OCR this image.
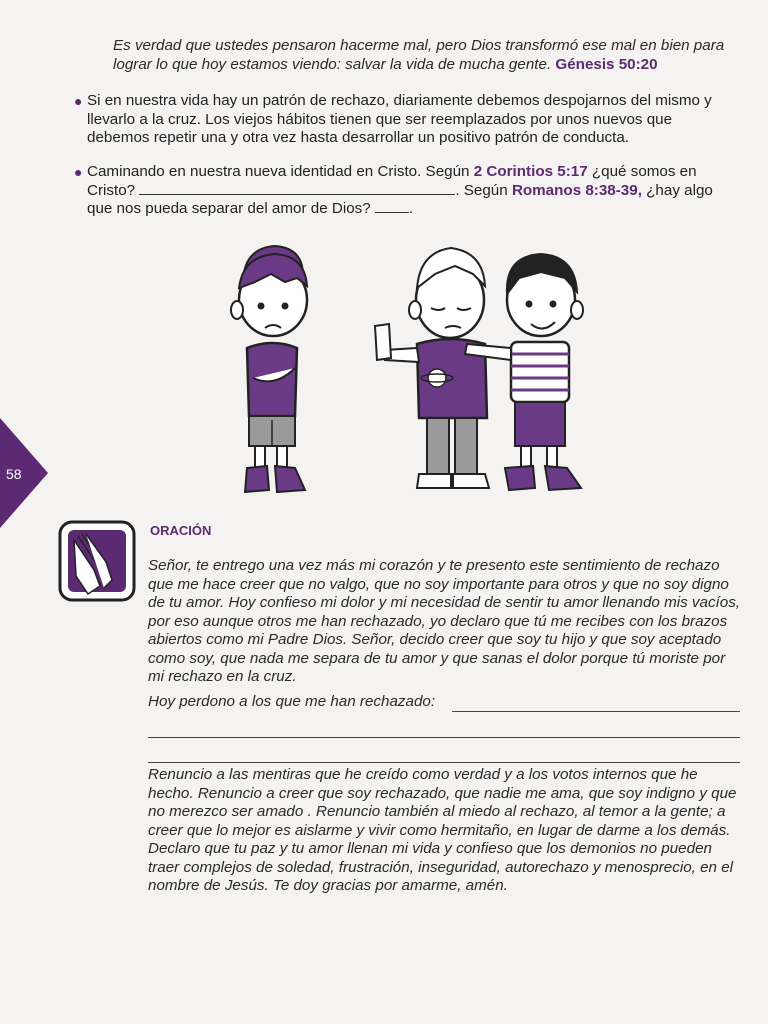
Es verdad que ustedes pensaron hacerme mal, pero Dios transformó ese mal en bien para lograr lo que hoy estamos viendo: salvar la vida de mucha gente. Génesis 50:20
● Si en nuestra vida hay un patrón de rechazo, diariamente debemos despojarnos del mismo y llevarlo a la cruz. Los viejos hábitos tienen que ser reemplazados por unos nuevos que debemos repetir una y otra vez hasta desarrollar un positivo patrón de conducta.
● Caminando en nuestra nueva identidad en Cristo. Según 2 Corintios 5:17 ¿qué somos en Cristo?	. Según Romanos 8:38-39, ¿hay algo que nos pueda separar del amor de Dios?	.
58
ORACIÓN
Señor, te entrego una vez más mi corazón y te presento este sentimiento de rechazo que me hace creer que no valgo, que no soy importante para otros y que no soy digno de tu amor. Hoy confieso mi dolor y mi necesidad de sentir tu amor llenando mis vacíos, por eso aunque otros me han rechazado, yo declaro que tú me recibes con los brazos abiertos como mi Padre Dios. Señor, decido creer que soy tu hijo y que soy aceptado como soy, que nada me separa de tu amor y que sanas el dolor porque tú moriste por mi rechazo en la cruz.
Hoy perdono a los que me han rechazado:
Renuncio a las mentiras que he creído como verdad y a los votos internos que he hecho. Renuncio a creer que soy rechazado, que nadie me ama, que soy indigno y que no merezco ser amado . Renuncio también al miedo al rechazo, al temor a la gente; a creer que lo mejor es aislarme y vivir como hermitaño, en lugar de darme a los demás. Declaro que tu paz y tu amor llenan mi vida y confieso que los demonios no pueden traer complejos de soledad, frustración, inseguridad, autorechazo y menosprecio, en el nombre de Jesús. Te doy gracias por amarme, amén.
